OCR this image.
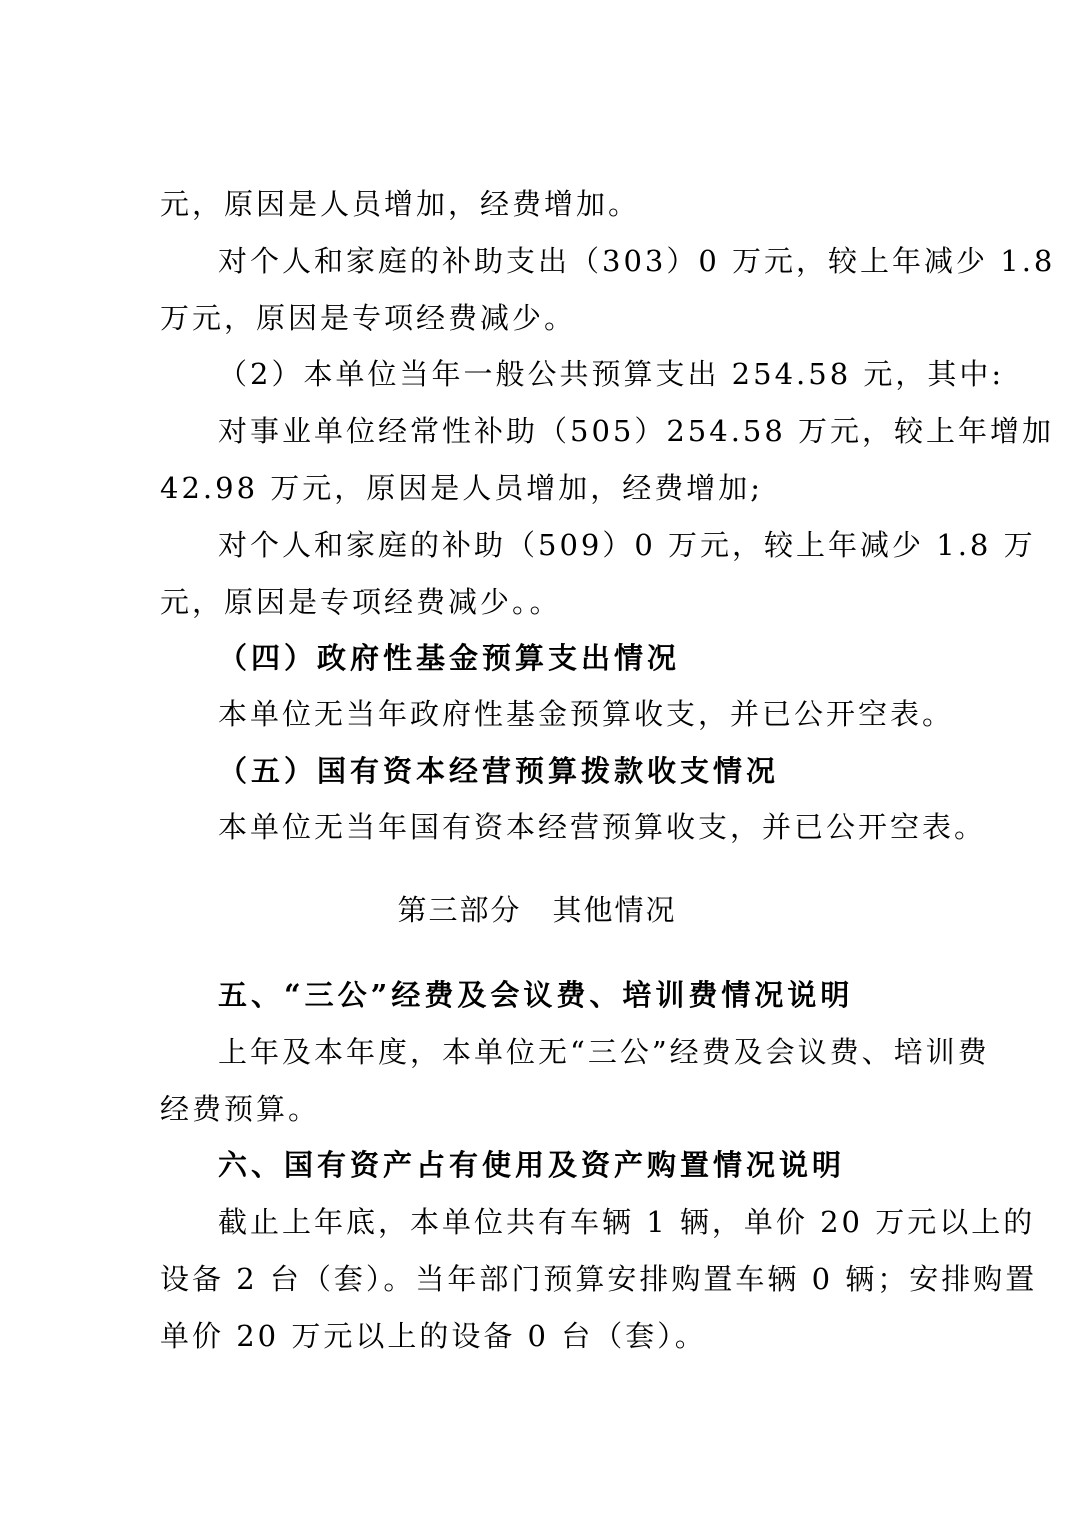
元，原因是人员增加，经费增加。
对个人和家庭的补助支出（303）0 万元，较上年减少 1.8
万元，原因是专项经费减少。
（2）本单位当年一般公共预算支出 254.58 元，其中:
对事业单位经常性补助（505）254.58 万元，较上年增加
42.98 万元，原因是人员增加，经费增加;
对个人和家庭的补助（509）0 万元，较上年减少 1.8 万
元，原因是专项经费减少。。
（四）政府性基金预算支出情况
本单位无当年政府性基金预算收支，并已公开空表。
（五）国有资本经营预算拨款收支情况
本单位无当年国有资本经营预算收支，并已公开空表。
第三部分　其他情况
五、“三公”经费及会议费、培训费情况说明
上年及本年度，本单位无“三公”经费及会议费、培训费
经费预算。
六、国有资产占有使用及资产购置情况说明
截止上年底，本单位共有车辆 1 辆，单价 20 万元以上的
设备 2 台（套）。当年部门预算安排购置车辆 0 辆；安排购置
单价 20 万元以上的设备 0 台（套）。
